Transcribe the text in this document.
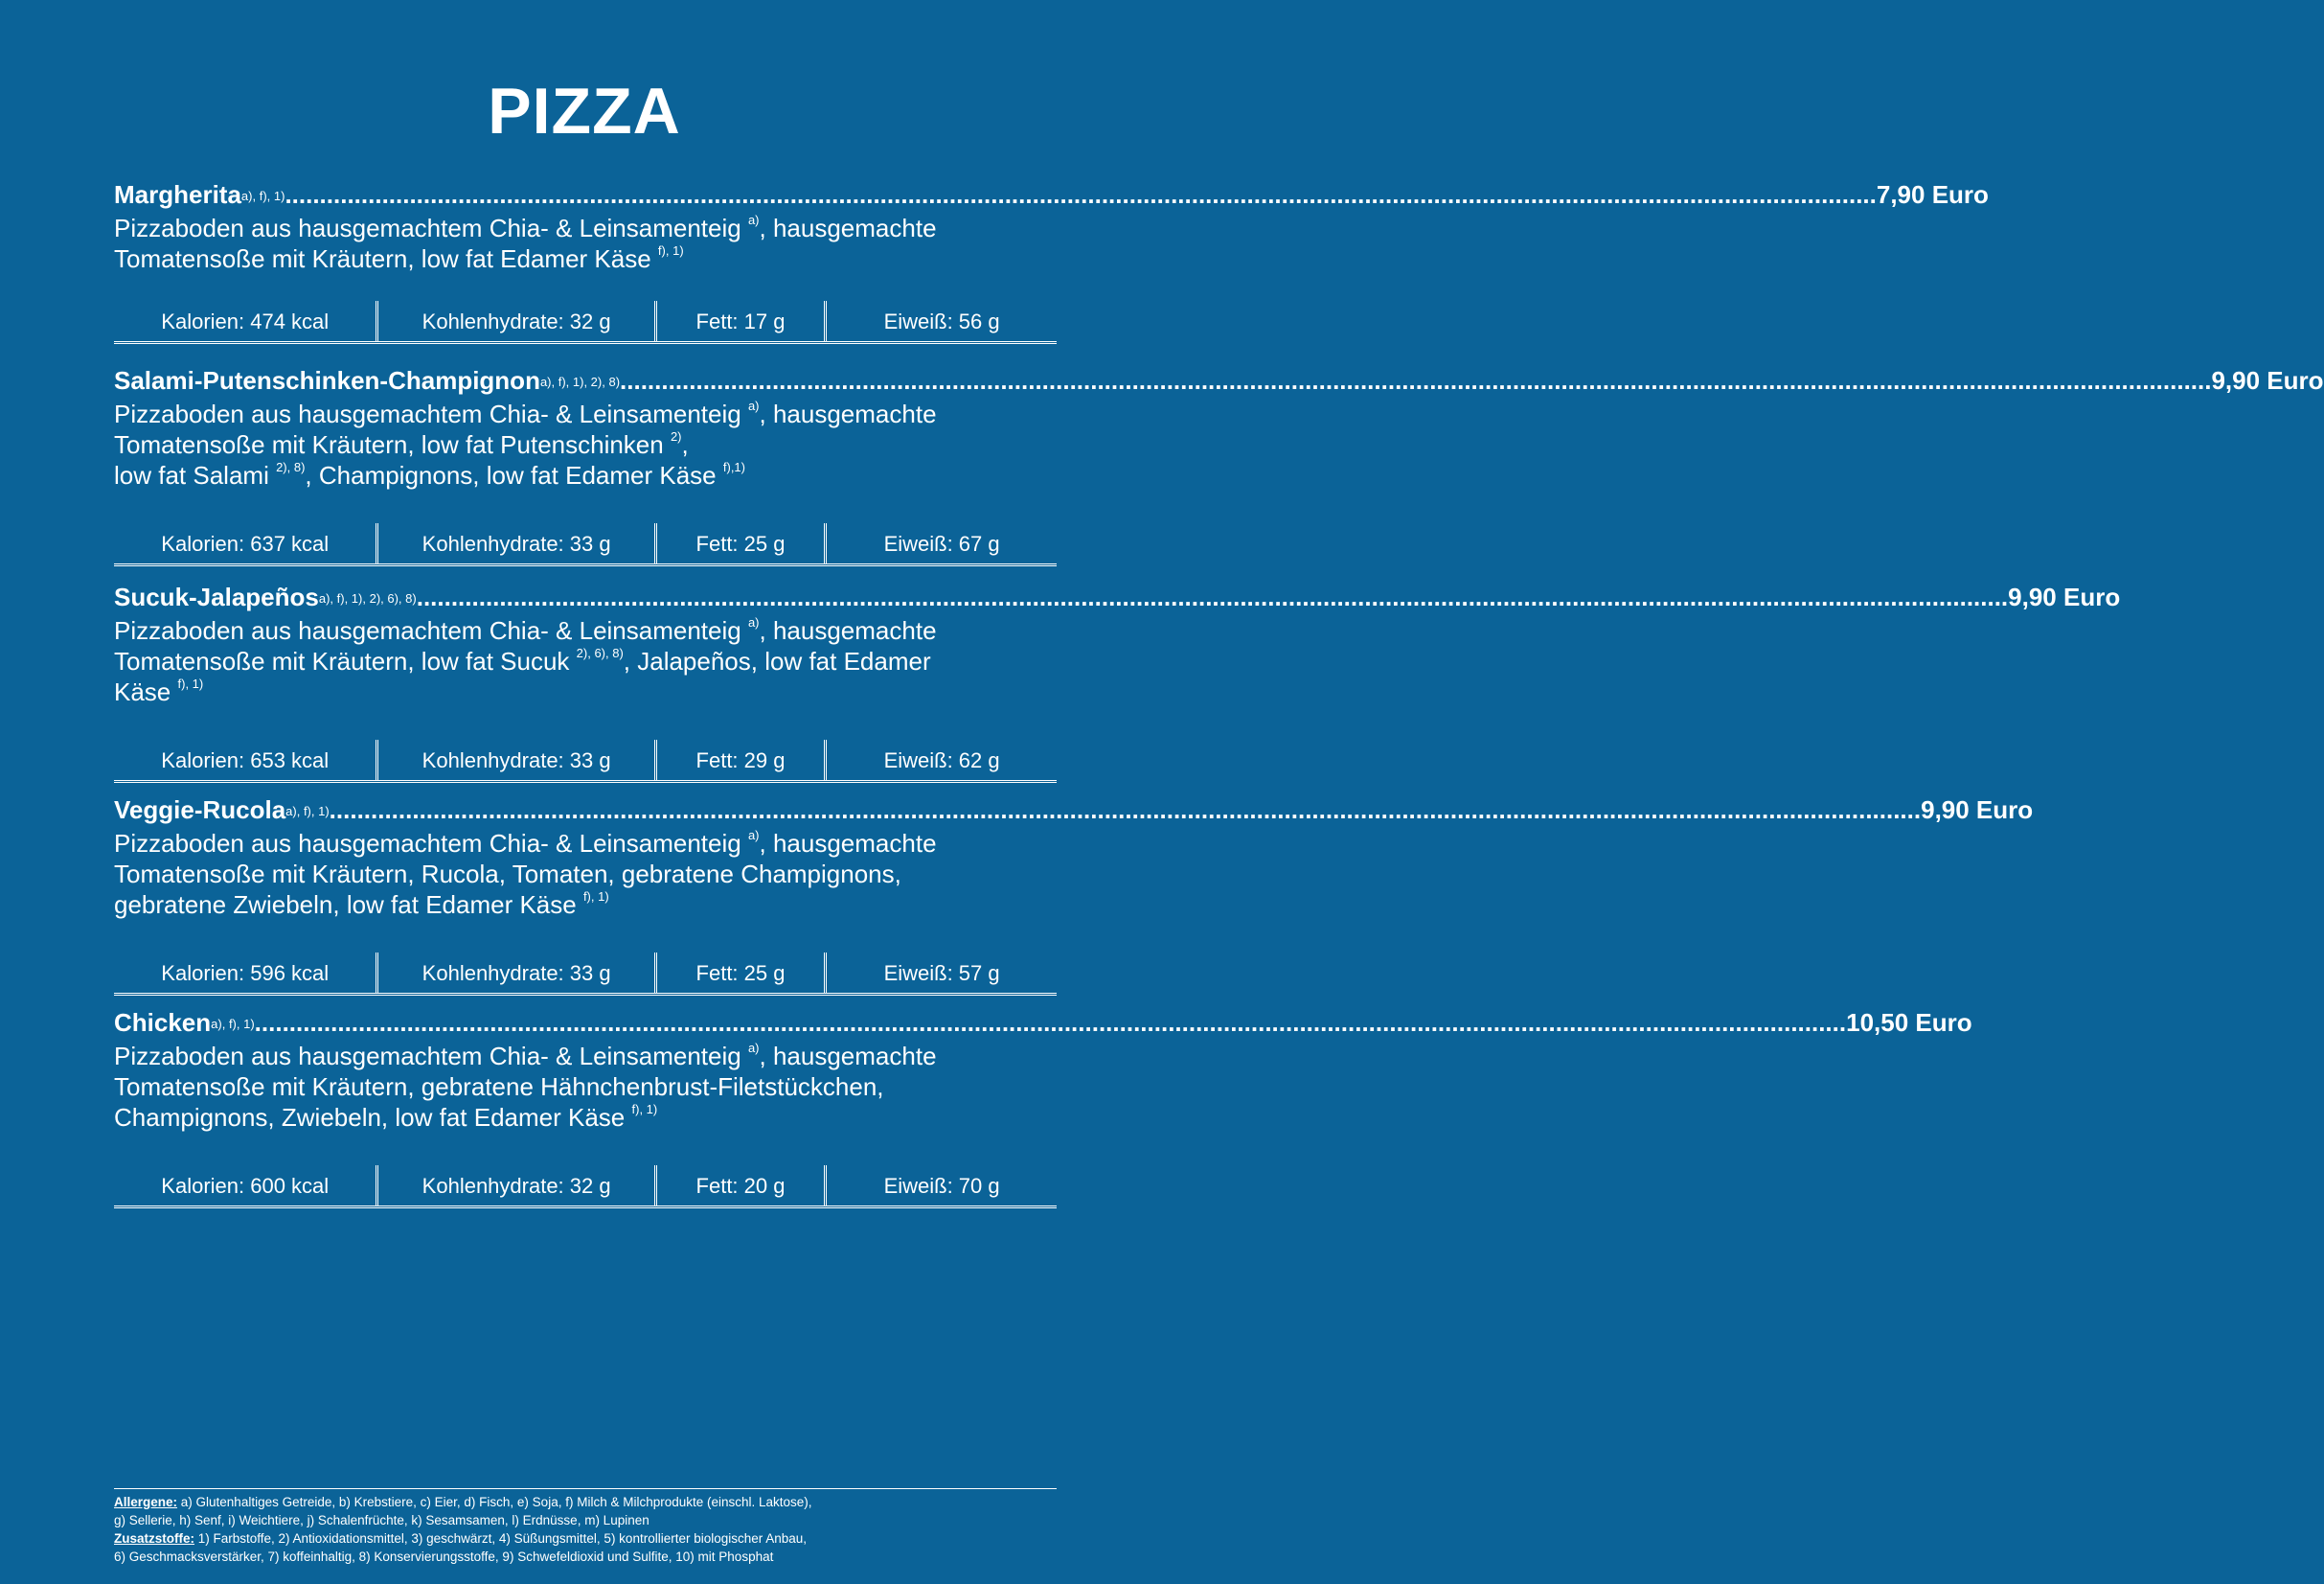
PIZZA
Margherita$^{a), f), 1)}$ ...................................................................................................................................................................................................................................... 7,90 Euro
Pizzaboden aus hausgemachtem Chia- & Leinsamenteig $^{a)}$, hausgemachte
Tomatensoße mit Kräutern, low fat Edamer Käse $^{f), 1)}$
Kalorien: 474 kcal	Kohlenhydrate: 32 g	Fett: 17 g	Eiweiß: 56 g
Salami-Putenschinken-Champignon$^{a), f), 1), 2), 8)}$ ...................................................................................................................................................................................................................................... 9,90 Euro
Pizzaboden aus hausgemachtem Chia- & Leinsamenteig $^{a)}$, hausgemachte
Tomatensoße mit Kräutern, low fat Putenschinken $^{2)}$,
low fat Salami $^{2), 8)}$, Champignons, low fat Edamer Käse $^{f),1)}$
Kalorien: 637 kcal	Kohlenhydrate: 33 g	Fett: 25 g	Eiweiß: 67 g
Sucuk-Jalapeños$^{a), f), 1), 2), 6), 8)}$ ...................................................................................................................................................................................................................................... 9,90 Euro
Pizzaboden aus hausgemachtem Chia- & Leinsamenteig $^{a)}$, hausgemachte
Tomatensoße mit Kräutern, low fat Sucuk $^{2), 6), 8)}$, Jalapeños, low fat Edamer
Käse $^{f), 1)}$
Kalorien: 653 kcal	Kohlenhydrate: 33 g	Fett: 29 g	Eiweiß: 62 g
Veggie-Rucola$^{a), f), 1)}$ ...................................................................................................................................................................................................................................... 9,90 Euro
Pizzaboden aus hausgemachtem Chia- & Leinsamenteig $^{a)}$, hausgemachte
Tomatensoße mit Kräutern, Rucola, Tomaten, gebratene Champignons,
gebratene Zwiebeln, low fat Edamer Käse $^{f), 1)}$
Kalorien: 596 kcal	Kohlenhydrate: 33 g	Fett: 25 g	Eiweiß: 57 g
Chicken$^{a), f), 1)}$ ...................................................................................................................................................................................................................................... 10,50 Euro
Pizzaboden aus hausgemachtem Chia- & Leinsamenteig $^{a)}$, hausgemachte
Tomatensoße mit Kräutern, gebratene Hähnchenbrust-Filetstückchen,
Champignons, Zwiebeln, low fat Edamer Käse $^{f), 1)}$
Kalorien: 600 kcal	Kohlenhydrate: 32 g	Fett: 20 g	Eiweiß: 70 g
Allergene: a) Glutenhaltiges Getreide, b) Krebstiere, c) Eier, d) Fisch, e) Soja, f) Milch & Milchprodukte (einschl. Laktose),
g) Sellerie, h) Senf, i) Weichtiere, j) Schalenfrüchte, k) Sesamsamen, l) Erdnüsse, m) Lupinen
Zusatzstoffe: 1) Farbstoffe, 2) Antioxidationsmittel, 3) geschwärzt, 4) Süßungsmittel, 5) kontrollierter biologischer Anbau,
6) Geschmacksverstärker, 7) koffeinhaltig, 8) Konservierungsstoffe, 9) Schwefeldioxid und Sulfite, 10) mit Phosphat
